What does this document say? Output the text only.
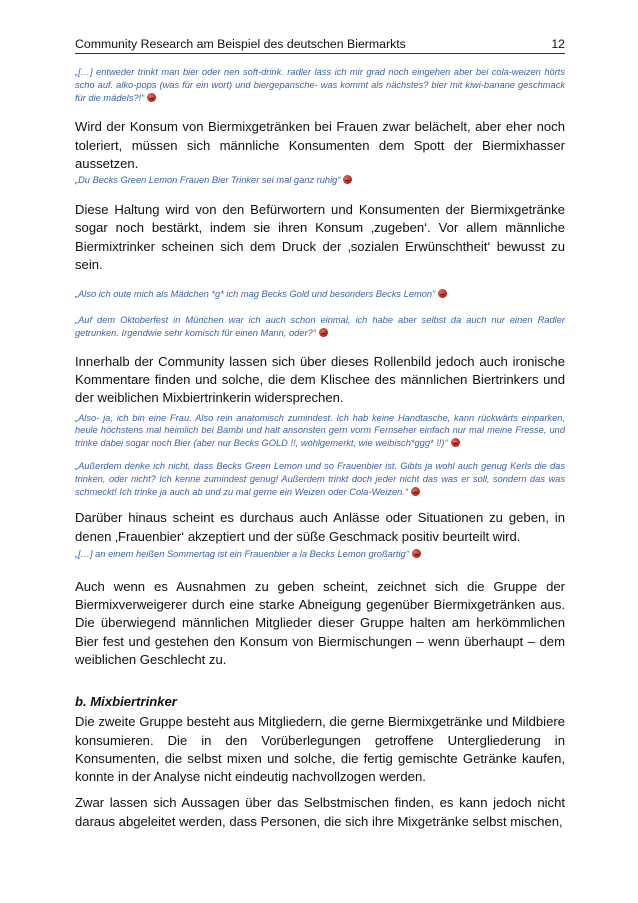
Community Research am Beispiel des deutschen Biermarkts	12

„[…] entweder trinkt man bier oder nen soft-drink. radler lass ich mir grad noch eingehen aber bei cola-weizen hörts scho auf. alko-pops (was für ein wort) und biergepansche- was kommt als nächstes? bier mit kiwi-banane geschmack für die mädels?!“

Wird der Konsum von Biermixgetränken bei Frauen zwar belächelt, aber eher noch toleriert, müssen sich männliche Konsumenten dem Spott der Biermixhasser aussetzen.

„Du Becks Green Lemon Frauen Bier Trinker sei mal ganz ruhig“

Diese Haltung wird von den Befürwortern und Konsumenten der Biermixgetränke sogar noch bestärkt, indem sie ihren Konsum ‚zugeben‘. Vor allem männliche Biermixtrinker scheinen sich dem Druck der ‚sozialen Erwünschtheit‘ bewusst zu sein.

„Also ich oute mich als Mädchen *g* ich mag Becks Gold und besonders Becks Lemon“

„Auf dem Oktoberfest in München war ich auch schon einmal, ich habe aber selbst da auch nur einen Radler getrunken. Irgendwie sehr komisch für einen Mann, oder?“

Innerhalb der Community lassen sich über dieses Rollenbild jedoch auch ironische Kommentare finden und solche, die dem Klischee des männlichen Biertrinkers und der weiblichen Mixbiertrinkerin widersprechen.

„Also- ja, ich bin eine Frau. Also rein anatomisch zumindest. Ich hab keine Handtasche, kann rückwärts einparken, heule höchstens mal heimlich bei Bambi und halt ansonsten gern vorm Fernseher einfach nur mal meine Fresse, und trinke dabei sogar noch Bier (aber nur Becks GOLD !!, wohlgemerkt, wie weibisch*ggg* !!)“

„Außerdem denke ich nicht, dass Becks Green Lemon und so Frauenbier ist. Gibts ja wohl auch genug Kerls die das trinken, oder nicht? Ich kenne zumindest genug! Außerdem trinkt doch jeder nicht das was er soll, sondern das was schmeckt! Ich trinke ja auch ab und zu mal gerne ein Weizen oder Cola-Weizen.“

Darüber hinaus scheint es durchaus auch Anlässe oder Situationen zu geben, in denen ‚Frauenbier‘ akzeptiert und der süße Geschmack positiv beurteilt wird.

„[…] an einem heißen Sommertag ist ein Frauenbier a la Becks Lemon großartig“

Auch wenn es Ausnahmen zu geben scheint, zeichnet sich die Gruppe der Biermixverweigerer durch eine starke Abneigung gegenüber Biermixgetränken aus. Die überwiegend männlichen Mitglieder dieser Gruppe halten am herkömmlichen Bier fest und gestehen den Konsum von Biermischungen – wenn überhaupt – dem weiblichen Geschlecht zu.

b. Mixbiertrinker

Die zweite Gruppe besteht aus Mitgliedern, die gerne Biermixgetränke und Mildbiere konsumieren. Die in den Vorüberlegungen getroffene Untergliederung in Konsumenten, die selbst mixen und solche, die fertig gemischte Getränke kaufen, konnte in der Analyse nicht eindeutig nachvollzogen werden.

Zwar lassen sich Aussagen über das Selbstmischen finden, es kann jedoch nicht daraus abgeleitet werden, dass Personen, die sich ihre Mixgetränke selbst mischen,
